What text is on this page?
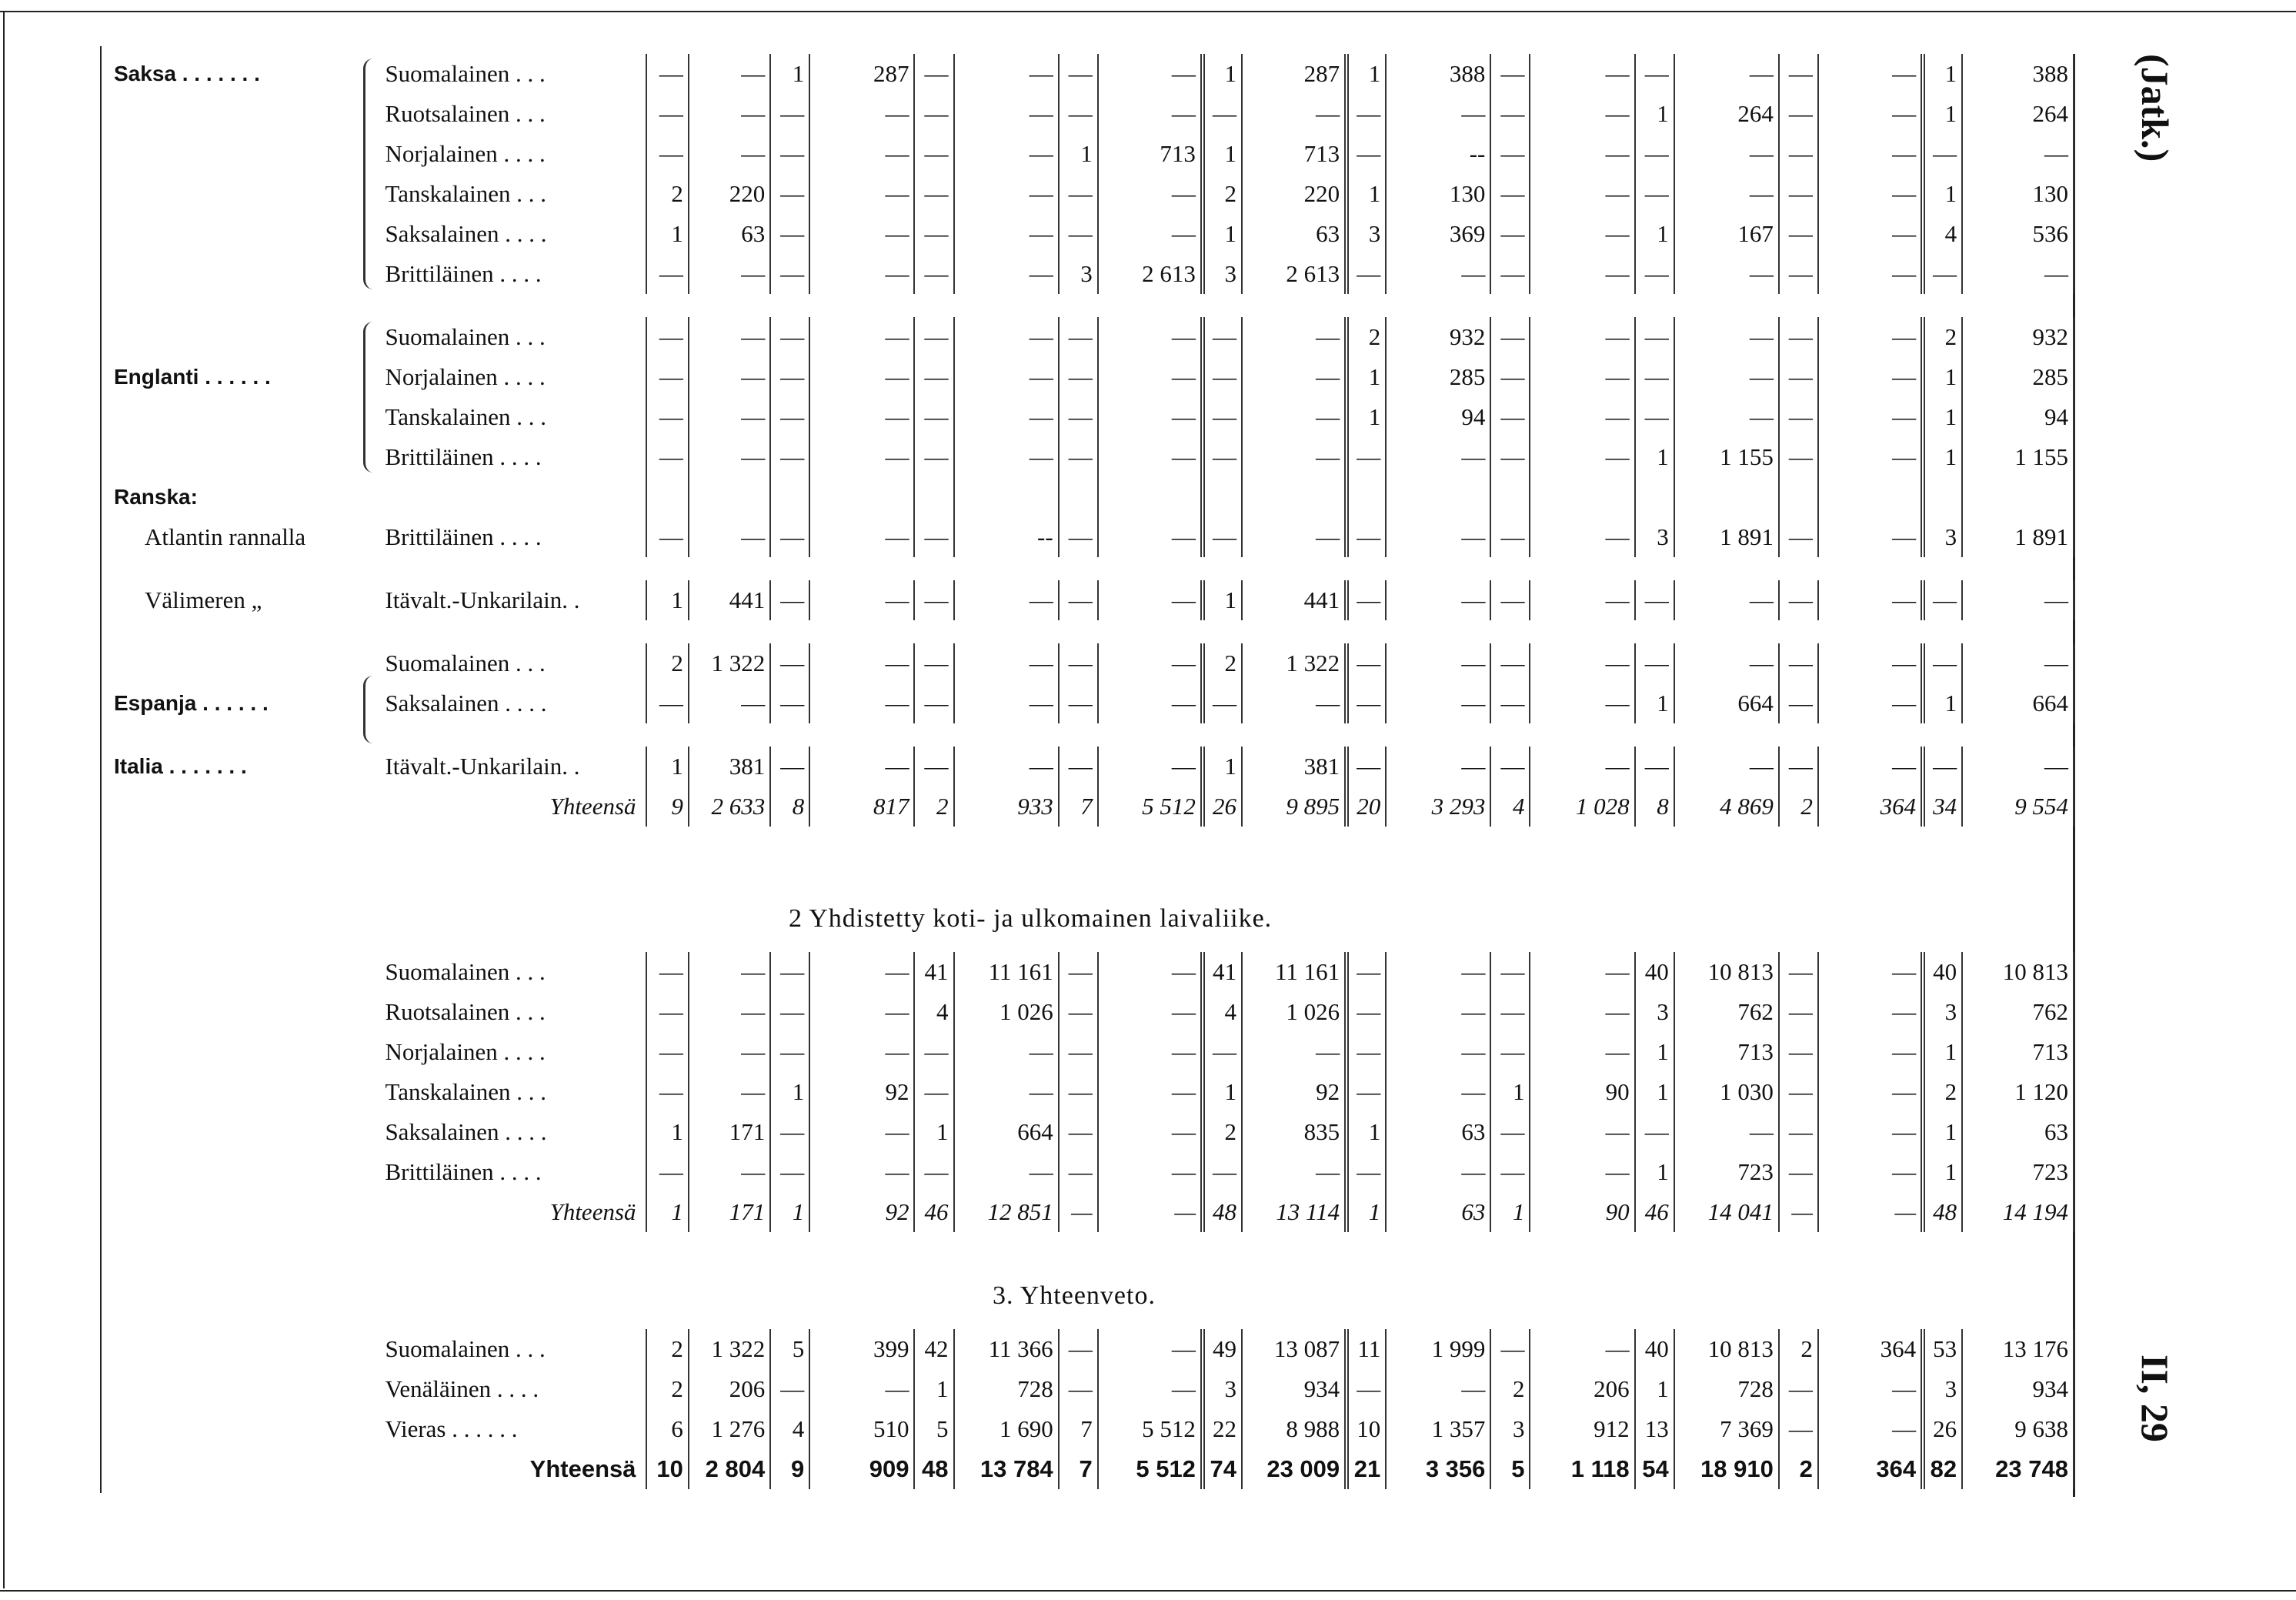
(Jatk.)
II, 29
Saksa . . . . . . .	Suomalainen . . .	—	—	1	287	—	—	—	—	1	287	1	388	—	—	—	—	—	—	1	388
	Ruotsalainen . . .	—	—	—	—	—	—	—	—	—	—	—	—	—	—	1	264	—	—	1	264
	Norjalainen . . . .	—	—	—	—	—	—	1	713	1	713	—	--	—	—	—	—	—	—	—	—
	Tanskalainen . . .	2	220	—	—	—	—	—	—	2	220	1	130	—	—	—	—	—	—	1	130
	Saksalainen . . . .	1	63	—	—	—	—	—	—	1	63	3	369	—	—	1	167	—	—	4	536
	Brittiläinen . . . .	—	—	—	—	—	—	3	2 613	3	2 613	—	—	—	—	—	—	—	—	—	—

	Suomalainen . . .	—	—	—	—	—	—	—	—	—	—	2	932	—	—	—	—	—	—	2	932
Englanti . . . . . .	Norjalainen . . . .	—	—	—	—	—	—	—	—	—	—	1	285	—	—	—	—	—	—	1	285
	Tanskalainen . . .	—	—	—	—	—	—	—	—	—	—	1	94	—	—	—	—	—	—	1	94
	Brittiläinen . . . .	—	—	—	—	—	—	—	—	—	—	—	—	—	—	1	1 155	—	—	1	1 155
Ranska:																					
Atlantin rannalla	Brittiläinen . . . .	—	—	—	—	—	--	—	—	—	—	—	—	—	—	3	1 891	—	—	3	1 891

Välimeren „	Itävalt.-Unkarilain. .	1	441	—	—	—	—	—	—	1	441	—	—	—	—	—	—	—	—	—	—

	Suomalainen . . .	2	1 322	—	—	—	—	—	—	2	1 322	—	—	—	—	—	—	—	—	—	—
Espanja . . . . . .	Saksalainen . . . .	—	—	—	—	—	—	—	—	—	—	—	—	—	—	1	664	—	—	1	664

Italia . . . . . . .	Itävalt.-Unkarilain. .	1	381	—	—	—	—	—	—	1	381	—	—	—	—	—	—	—	—	—	—
	Yhteensä	9	2 633	8	817	2	933	7	5 512	26	9 895	20	3 293	4	1 028	8	4 869	2	364	34	9 554
2 Yhdistetty koti- ja ulkomainen laivaliike.
	Suomalainen . . .	—	—	—	—	41	11 161	—	—	41	11 161	—	—	—	—	40	10 813	—	—	40	10 813
	Ruotsalainen . . .	—	—	—	—	4	1 026	—	—	4	1 026	—	—	—	—	3	762	—	—	3	762
	Norjalainen . . . .	—	—	—	—	—	—	—	—	—	—	—	—	—	—	1	713	—	—	1	713
	Tanskalainen . . .	—	—	1	92	—	—	—	—	1	92	—	—	1	90	1	1 030	—	—	2	1 120
	Saksalainen . . . .	1	171	—	—	1	664	—	—	2	835	1	63	—	—	—	—	—	—	1	63
	Brittiläinen . . . .	—	—	—	—	—	—	—	—	—	—	—	—	—	—	1	723	—	—	1	723
	Yhteensä	1	171	1	92	46	12 851	—	—	48	13 114	1	63	1	90	46	14 041	—	—	48	14 194
3. Yhteenveto.
	Suomalainen . . .	2	1 322	5	399	42	11 366	—	—	49	13 087	11	1 999	—	—	40	10 813	2	364	53	13 176
	Venäläinen . . . .	2	206	—	—	1	728	—	—	3	934	—	—	2	206	1	728	—	—	3	934
	Vieras . . . . . .	6	1 276	4	510	5	1 690	7	5 512	22	8 988	10	1 357	3	912	13	7 369	—	—	26	9 638
	Yhteensä	10	2 804	9	909	48	13 784	7	5 512	74	23 009	21	3 356	5	1 118	54	18 910	2	364	82	23 748
